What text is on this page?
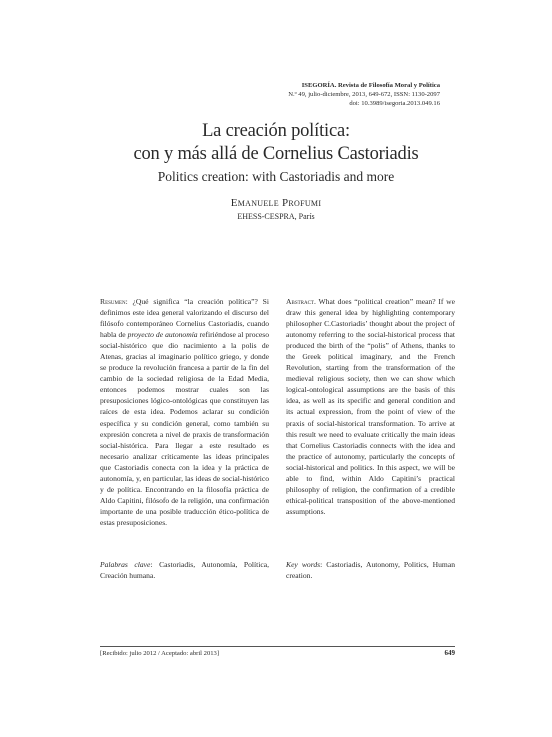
ISEGORÍA. Revista de Filosofía Moral y Política
N.º 49, julio-diciembre, 2013, 649-672, ISSN: 1130-2097
doi: 10.3989/isegoria.2013.049.16
La creación política:
con y más allá de Cornelius Castoriadis
Politics creation: with Castoriadis and more
Emanuele Profumi
EHESS-CESPRA, París
Resumen: ¿Qué significa “la creación política”? Si definimos este idea general valorizando el discurso del filósofo contemporáneo Cornelius Castoriadis, cuando habla de proyecto de autonomía refiriéndose al proceso social-histórico que dio nacimiento a la polis de Atenas, gracias al imaginario político griego, y donde se produce la revolución francesa a partir de la fin del cambio de la sociedad religiosa de la Edad Media, entonces podemos mostrar cuales son las presuposiciones lógico-ontológicas que constituyen las raíces de esta idea. Podemos aclarar su condición específica y su condición general, como también su expresión concreta a nivel de praxis de transformación social-histórica. Para llegar a este resultado es necesario analizar críticamente las ideas principales que Castoriadis conecta con la idea y la práctica de autonomía, y, en particular, las ideas de social-histórico y de política. Encontrando en la filosofía práctica de Aldo Capitini, filósofo de la religión, una confirmación importante de una posible traducción ético-política de estas presuposiciones.
Abstract. What does “political creation” mean? If we draw this general idea by highlighting contemporary philosopher C.Castoriadis’ thought about the project of autonomy referring to the social-historical process that produced the birth of the “polis” of Athens, thanks to the Greek political imaginary, and the French Revolution, starting from the transformation of the medieval religious society, then we can show which logical-ontological assumptions are the basis of this idea, as well as its specific and general condition and its actual expression, from the point of view of the praxis of social-historical transformation. To arrive at this result we need to evaluate critically the main ideas that Cornelius Castoriadis connects with the idea and the practice of autonomy, particularly the concepts of social-historical and politics. In this aspect, we will be able to find, within Aldo Capitini’s practical philosophy of religion, the confirmation of a credible ethical-political transposition of the above-mentioned assumptions.
Palabras clave: Castoriadis, Autonomía, Política, Creación humana.
Key words: Castoriadis, Autonomy, Politics, Human creation.
[Recibido: julio 2012 / Aceptado: abril 2013]	649
